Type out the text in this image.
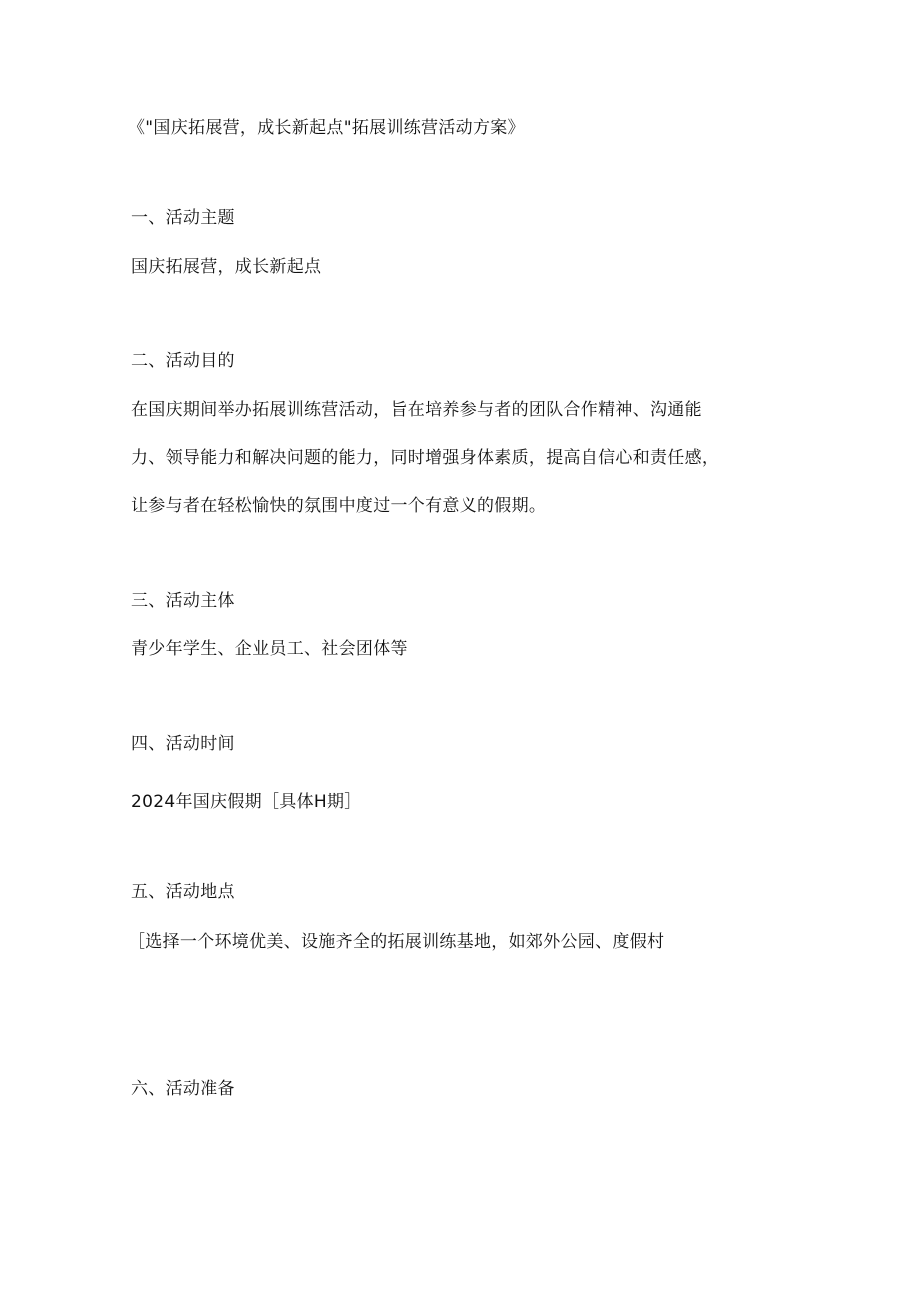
《"国庆拓展营，成长新起点"拓展训练营活动方案》
一、活动主题
国庆拓展营，成长新起点
二、活动目的
在国庆期间举办拓展训练营活动，旨在培养参与者的团队合作精神、沟通能
力、领导能力和解决问题的能力，同时增强身体素质，提高自信心和责任感，
让参与者在轻松愉快的氛围中度过一个有意义的假期。
三、活动主体
青少年学生、企业员工、社会团体等
四、活动时间
2024年国庆假期［具体H期］
五、活动地点
［选择一个环境优美、设施齐全的拓展训练基地，如郊外公园、度假村
六、活动准备
